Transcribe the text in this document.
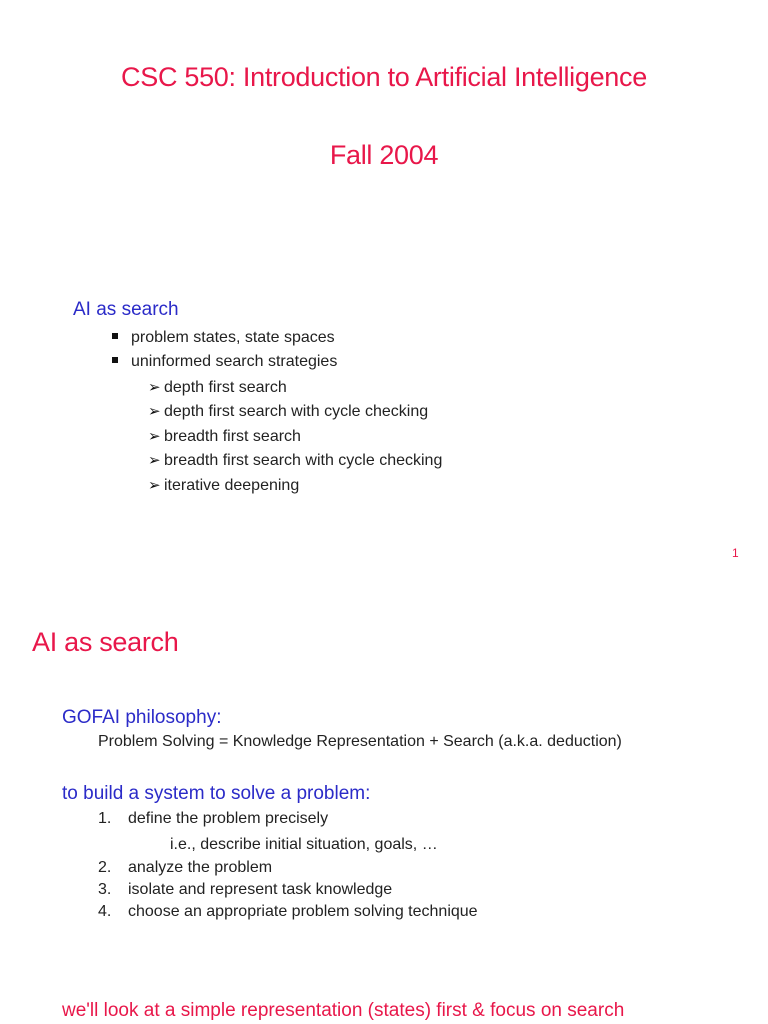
CSC 550: Introduction to Artificial Intelligence
Fall 2004
AI as search
problem states, state spaces
uninformed search strategies
➢ depth first search
➢ depth first search with cycle checking
➢ breadth first search
➢ breadth first search with cycle checking
➢ iterative deepening
1
AI as search
GOFAI philosophy:
Problem Solving = Knowledge Representation + Search (a.k.a. deduction)
to build a system to solve a problem:
1. define the problem precisely
i.e., describe initial situation, goals, …
2. analyze the problem
3. isolate and represent task knowledge
4. choose an appropriate problem solving technique
we'll look at a simple representation (states) first & focus on search
